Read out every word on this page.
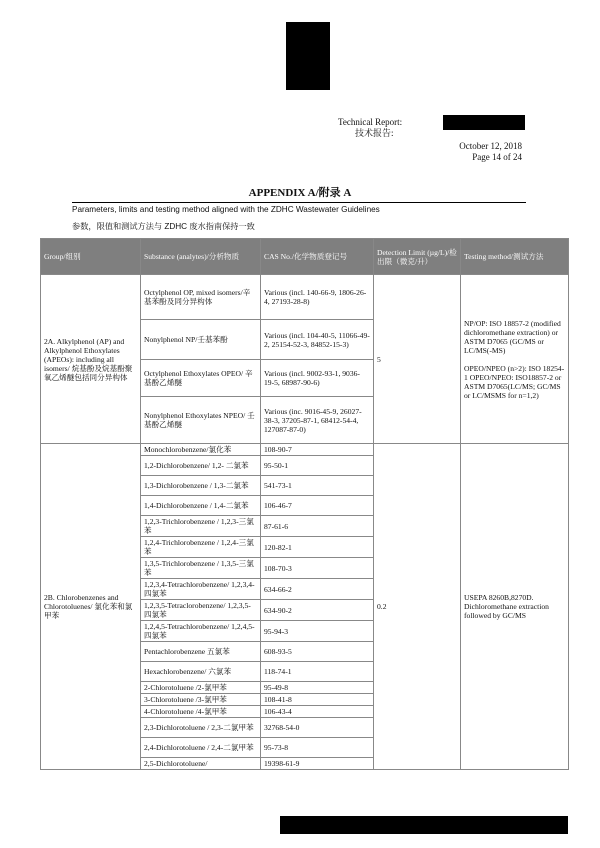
Technical Report:
技术报告:
October 12, 2018
Page 14 of 24
APPENDIX A/附录 A
Parameters, limits and testing method aligned with the ZDHC Wastewater Guidelines
参数，限值和测试方法与 ZDHC 废水指南保持一致
Group/组别	Substance (analytes)/分析物质	CAS No./化学物质登记号	Detection Limit (µg/L)/检出限（微克/升）	Testing method/测试方法
2A. Alkylphenol (AP) and Alkylphenol Ethoxylates (APEOs): including all isomers/ 烷基酚及烷基酚聚氧乙烯醚包括同分异构体	Octylphenol OP, mixed isomers/辛基苯酚及同分异构体	Various (incl. 140-66-9, 1806-26-4, 27193-28-8)	5	NP/OP: ISO 18857-2 (modified dichloromethane extraction) or ASTM D7065 (GC/MS or LC/MS(-MS)
OPEO/NPEO (n>2): ISO 18254-1 OPEO/NPEO: ISO18857-2 or ASTM D7065(LC/MS; GC/MS or LC/MSMS for n=1,2)

	Nonylphenol NP/壬基苯酚	Various (incl. 104-40-5, 11066-49-2, 25154-52-3, 84852-15-3)		
	Octylphenol Ethoxylates OPEO/ 辛基酚乙烯醚	Various (incl. 9002-93-1, 9036-19-5, 68987-90-6)		
	Nonylphenol Ethoxylates NPEO/ 壬基酚乙烯醚	Various (inc. 9016-45-9, 26027-38-3, 37205-87-1, 68412-54-4, 127087-87-0)		
2B. Chlorobenzenes and Chlorotoluenes/ 氯化苯和氯甲苯	Monochlorobenzene/氯化苯	108-90-7	0.2	USEPA 8260B,8270D. Dichloromethane extraction followed by GC/MS
	1,2-Dichlorobenzene/ 1,2- 二氯苯	95-50-1		
	1,3-Dichlorobenzene / 1,3-二氯苯	541-73-1		
	1,4-Dichlorobenzene / 1,4-二氯苯	106-46-7		
	1,2,3-Trichlorobenzene / 1,2,3-三氯苯	87-61-6		
	1,2,4-Trichlorobenzene / 1,2,4-三氯苯	120-82-1		
	1,3,5-Trichlorobenzene / 1,3,5-三氯苯	108-70-3		
	1,2,3,4-Tetrachlorobenzene/ 1,2,3,4-四氯苯	634-66-2		
	1,2,3,5-Tetraclorobenzene/ 1,2,3,5-四氯苯	634-90-2		
	1,2,4,5-Tetrachlorobenzene/ 1,2,4,5-四氯苯	95-94-3		
	Pentachlorobenzene 五氯苯	608-93-5		
	Hexachlorobenzene/ 六氯苯	118-74-1		
	2-Chlorotoluene /2-氯甲苯	95-49-8		
	3-Chlorotoluene /3-氯甲苯	108-41-8		
	4-Chlorotoluene /4-氯甲苯	106-43-4		
	2,3-Dichlorotoluene / 2,3-二氯甲苯	32768-54-0		
	2,4-Dichlorotoluene / 2,4-二氯甲苯	95-73-8		
	2,5-Dichlorotoluene/	19398-61-9		
